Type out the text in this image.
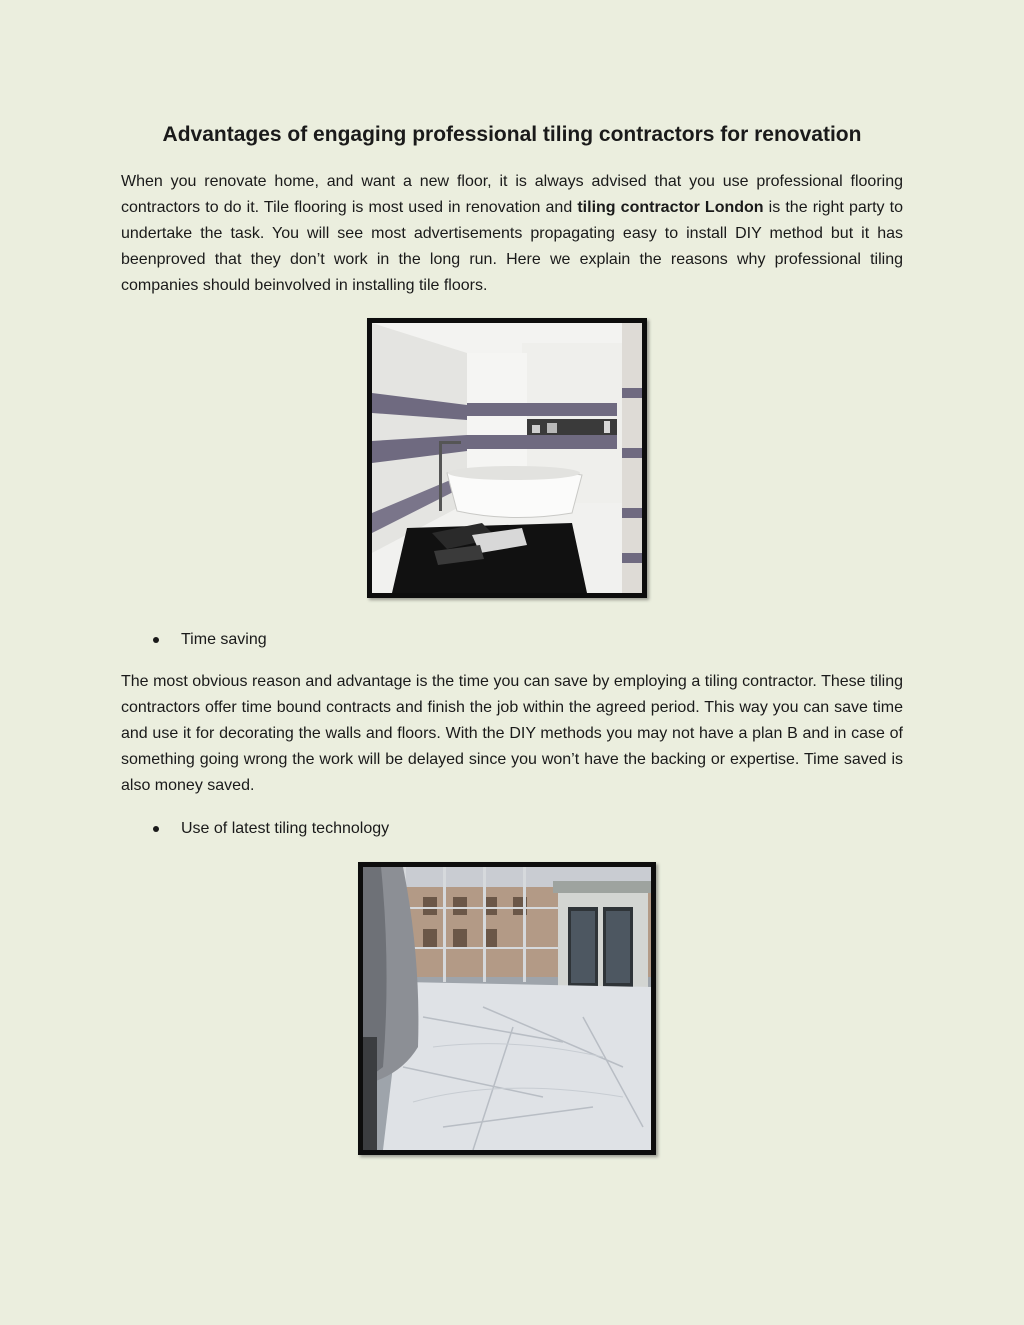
Advantages of engaging professional tiling contractors for renovation

When you renovate home, and want a new floor, it is always advised that you use professional flooring contractors to do it. Tile flooring is most used in renovation and tiling contractor London is the right party to undertake the task. You will see most advertisements propagating easy to install DIY method but it has beenproved that they don’t work in the long run. Here we explain the reasons why professional tiling companies should beinvolved in installing tile floors.

Time saving

The most obvious reason and advantage is the time you can save by employing a tiling contractor. These tiling contractors offer time bound contracts and finish the job within the agreed period. This way you can save time and use it for decorating the walls and floors. With the DIY methods you may not have a plan B and in case of something going wrong the work will be delayed since you won’t have the backing or expertise. Time saved is also money saved.

Use of latest tiling technology
